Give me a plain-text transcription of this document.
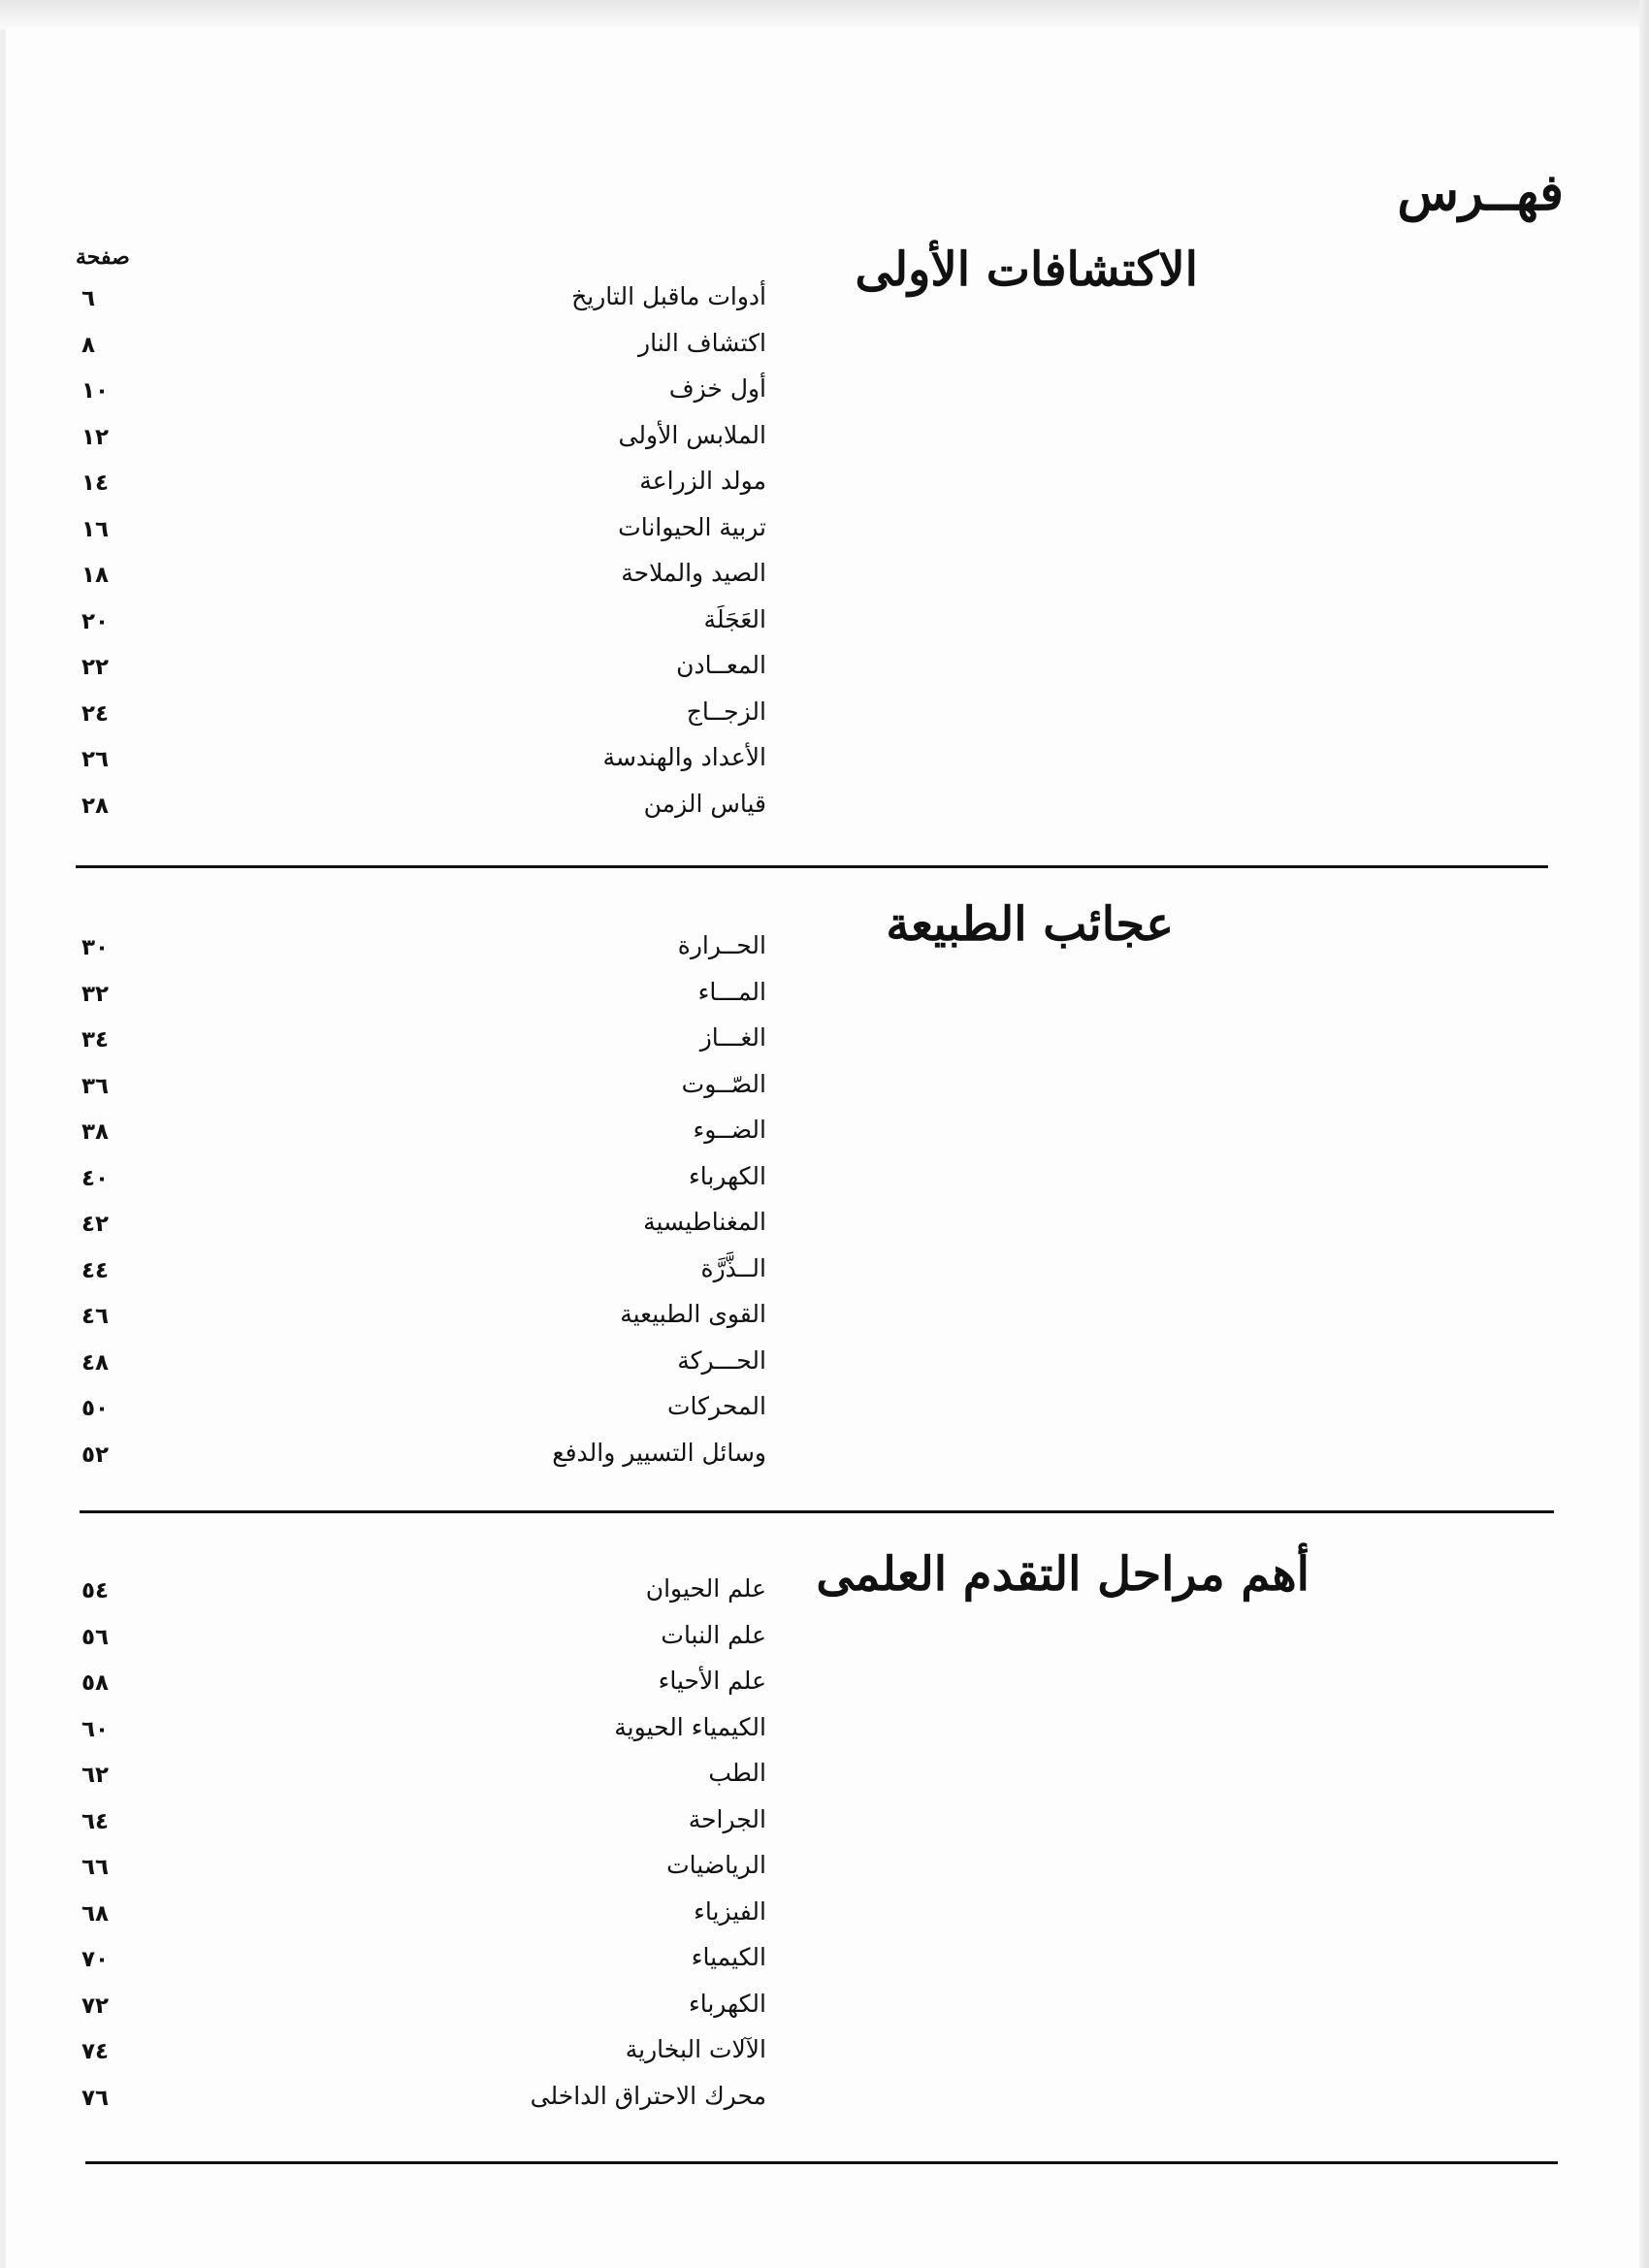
فهــرس
صفحة	الاكتشافات الأولى
أدوات ماقبل التاريخ
٦
اكتشاف النار
٨
أول خزف
١٠
الملابس الأولى
١٢
مولد الزراعة
١٤
تربية الحيوانات
١٦
الصيد والملاحة
١٨
العَجَلَة
٢٠
المعــادن
٢٢
الزجــاج
٢٤
الأعداد والهندسة
٢٦
قياس الزمن
٢٨
عجائب الطبيعة
الحــرارة
٣٠
المـــاء
٣٢
الغـــاز
٣٤
الصّــوت
٣٦
الضــوء
٣٨
الكهرباء
٤٠
المغناطيسية
٤٢
الــذَّرَّة
٤٤
القوى الطبيعية
٤٦
الحـــركة
٤٨
المحركات
٥٠
وسائل التسيير والدفع
٥٢
أهم مراحل التقدم العلمى
علم الحيوان
٥٤
علم النبات
٥٦
علم الأحياء
٥٨
الكيمياء الحيوية
٦٠
الطب
٦٢
الجراحة
٦٤
الرياضيات
٦٦
الفيزياء
٦٨
الكيمياء
٧٠
الكهرباء
٧٢
الآلات البخارية
٧٤
محرك الاحتراق الداخلى
٧٦
